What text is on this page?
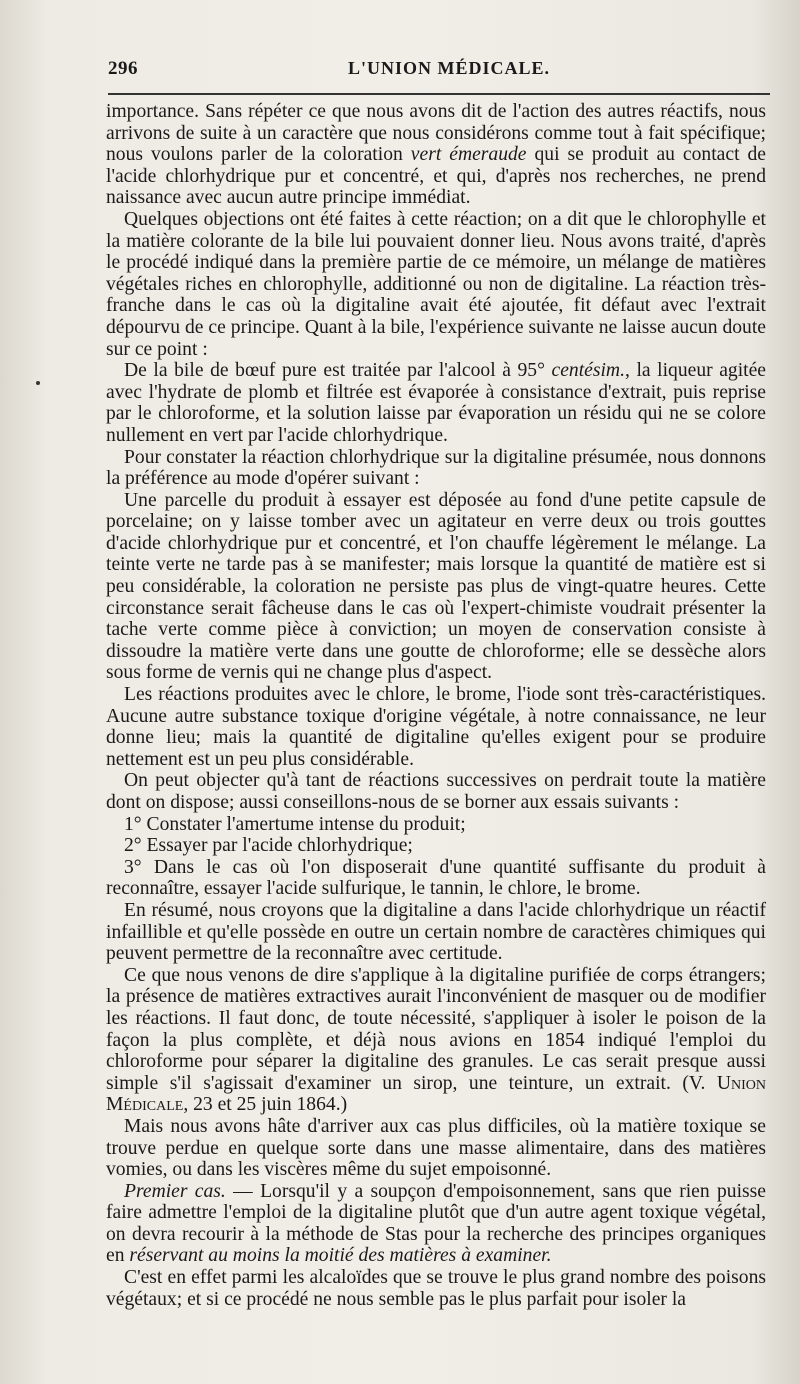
296	L'UNION MÉDICALE.

importance. Sans répéter ce que nous avons dit de l'action des autres réactifs, nous arrivons de suite à un caractère que nous considérons comme tout à fait spécifique; nous voulons parler de la coloration vert émeraude qui se produit au contact de l'acide chlorhydrique pur et concentré, et qui, d'après nos recherches, ne prend naissance avec aucun autre principe immédiat.

Quelques objections ont été faites à cette réaction; on a dit que le chlorophylle et la matière colorante de la bile lui pouvaient donner lieu. Nous avons traité, d'après le procédé indiqué dans la première partie de ce mémoire, un mélange de matières végétales riches en chlorophylle, additionné ou non de digitaline. La réaction très-franche dans le cas où la digitaline avait été ajoutée, fit défaut avec l'extrait dépourvu de ce principe. Quant à la bile, l'expérience suivante ne laisse aucun doute sur ce point :

De la bile de bœuf pure est traitée par l'alcool à 95° centésim., la liqueur agitée avec l'hydrate de plomb et filtrée est évaporée à consistance d'extrait, puis reprise par le chloroforme, et la solution laisse par évaporation un résidu qui ne se colore nullement en vert par l'acide chlorhydrique.

Pour constater la réaction chlorhydrique sur la digitaline présumée, nous donnons la préférence au mode d'opérer suivant :

Une parcelle du produit à essayer est déposée au fond d'une petite capsule de porcelaine; on y laisse tomber avec un agitateur en verre deux ou trois gouttes d'acide chlorhydrique pur et concentré, et l'on chauffe légèrement le mélange. La teinte verte ne tarde pas à se manifester; mais lorsque la quantité de matière est si peu considérable, la coloration ne persiste pas plus de vingt-quatre heures. Cette circonstance serait fâcheuse dans le cas où l'expert-chimiste voudrait présenter la tache verte comme pièce à conviction; un moyen de conservation consiste à dissoudre la matière verte dans une goutte de chloroforme; elle se dessèche alors sous forme de vernis qui ne change plus d'aspect.

Les réactions produites avec le chlore, le brome, l'iode sont très-caractéristiques. Aucune autre substance toxique d'origine végétale, à notre connaissance, ne leur donne lieu; mais la quantité de digitaline qu'elles exigent pour se produire nettement est un peu plus considérable.

On peut objecter qu'à tant de réactions successives on perdrait toute la matière dont on dispose; aussi conseillons-nous de se borner aux essais suivants :

1° Constater l'amertume intense du produit;

2° Essayer par l'acide chlorhydrique;

3° Dans le cas où l'on disposerait d'une quantité suffisante du produit à reconnaître, essayer l'acide sulfurique, le tannin, le chlore, le brome.

En résumé, nous croyons que la digitaline a dans l'acide chlorhydrique un réactif infaillible et qu'elle possède en outre un certain nombre de caractères chimiques qui peuvent permettre de la reconnaître avec certitude.

Ce que nous venons de dire s'applique à la digitaline purifiée de corps étrangers; la présence de matières extractives aurait l'inconvénient de masquer ou de modifier les réactions. Il faut donc, de toute nécessité, s'appliquer à isoler le poison de la façon la plus complète, et déjà nous avions en 1854 indiqué l'emploi du chloroforme pour séparer la digitaline des granules. Le cas serait presque aussi simple s'il s'agissait d'examiner un sirop, une teinture, un extrait. (V. Union Médicale, 23 et 25 juin 1864.)

Mais nous avons hâte d'arriver aux cas plus difficiles, où la matière toxique se trouve perdue en quelque sorte dans une masse alimentaire, dans des matières vomies, ou dans les viscères même du sujet empoisonné.

Premier cas. — Lorsqu'il y a soupçon d'empoisonnement, sans que rien puisse faire admettre l'emploi de la digitaline plutôt que d'un autre agent toxique végétal, on devra recourir à la méthode de Stas pour la recherche des principes organiques en réservant au moins la moitié des matières à examiner.

C'est en effet parmi les alcaloïdes que se trouve le plus grand nombre des poisons végétaux; et si ce procédé ne nous semble pas le plus parfait pour isoler la
